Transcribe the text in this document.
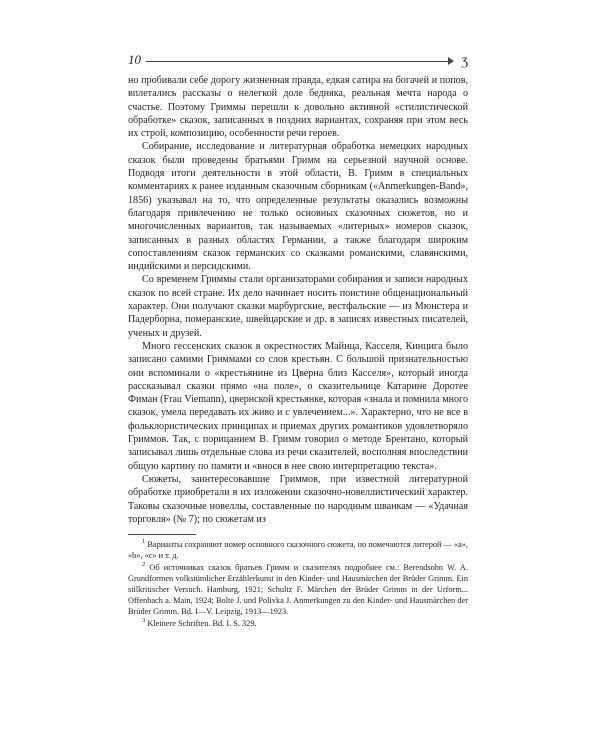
10	Ʒ

но пробивали себе дорогу жизненная правда, едкая сатира на богачей и попов, вплетались рассказы о нелегкой доле бедняка, реальная мечта народа о счастье. Поэтому Гриммы перешли к довольно активной «стилистической обработке» сказок, записанных в поздних вариантах, сохраняя при этом весь их строй, композицию, особенности речи героев.

Собирание, исследование и литературная обработка немецких народных сказок были проведены братьями Гримм на серьезной научной основе. Подводя итоги деятельности в этой области, В. Гримм в специальных комментариях к ранее изданным сказочным сборникам («Anmerkungen-Band», 1856) указывал на то, что определенные результаты оказались возможны благодаря привлечению не только основных сказочных сюжетов, но и многочисленных вариантов, так называемых «литерных» номеров сказок, записанных в разных областях Германии, а также благодаря широким сопоставлениям сказок германских со сказками романскими, славянскими, индийскими и персидскими.

Со временем Гриммы стали организаторами собирания и записи народных сказок по всей стране. Их дело начинает носить поистине общенациональный характер. Они получают сказки марбургские, вестфальские — из Мюнстера и Падерборна, померанские, швейцарские и др. в записях известных писателей, ученых и друзей.

Много гессенских сказок в окрестностях Майнца, Касселя, Кинцига было записано самими Гриммами со слов крестьян. С большой признательностью они вспоминали о «крестьянине из Цверна близ Касселя», который иногда рассказывал сказки прямо «на поле», о сказительнице Катарине Доротее Фиман (Frau Viemann), цвернской крестьянке, которая «знала и помнила много сказок, умела передавать их живо и с увлечением...». Характерно, что не все в фольклористических принципах и приемах других романтиков удовлетворяло Гриммов. Так, с порицанием В. Гримм говорил о методе Брентано, который записывал лишь отдельные слова из речи сказителей, восполняя впоследствии общую картину по памяти и «внося в нее свою интерпретацию текста».

Сюжеты, заинтересовавшие Гриммов, при известной литературной обработке приобретали в их изложении сказочно-новеллистический характер. Таковы сказочные новеллы, составленные по народным шванкам — «Удачная торговля» (№ 7); по сюжетам из

$^1$ Варианты сохраняют номер основного сказочного сюжета, но помечаются литерой — «а», «b», «с» и т. д.

$^2$ Об источниках сказок братьев Гримм и сказителях подробнее см.: Berendsohn W. A. Grundformen volkstümlicher Erzählerkunst in den Kinder- und Hausmärchen der Brüder Grimm. Ein stilkritischer Versuch. Hamburg, 1921; Schultz F. Märchen der Brüder Grimm in der Urform... Offenbach a. Main, 1924; Bolte J. und Polivka J. Anmerkungen zu den Kinder- und Hausmärchen der Brüder Grimm. Bd. I—V. Leipzig, 1913—1923.

$^3$ Kleinere Schriften. Bd. I. S. 329.
